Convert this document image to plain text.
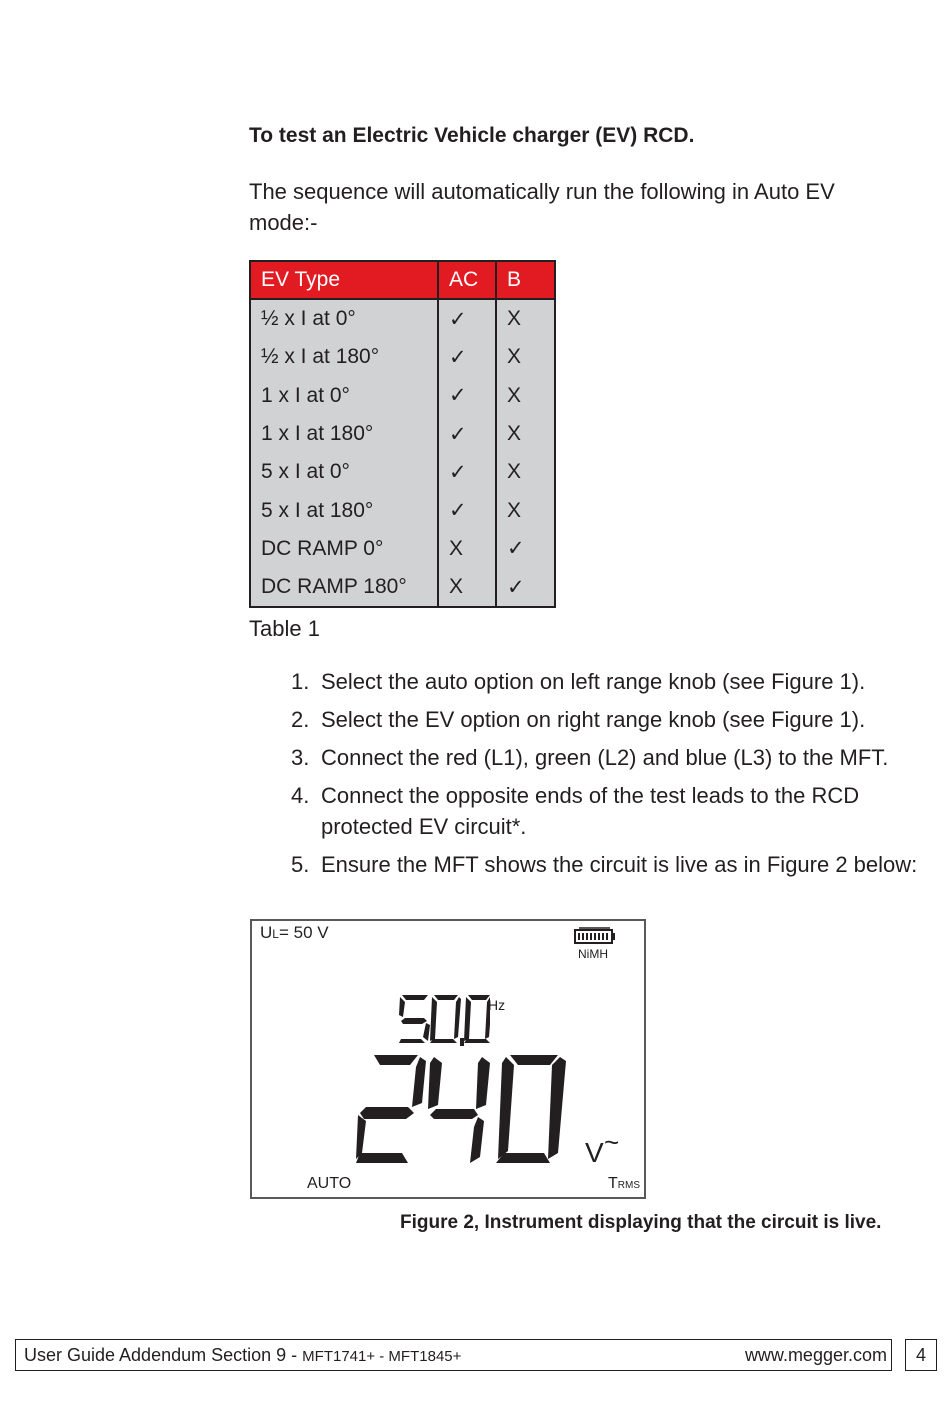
To test an Electric Vehicle charger (EV) RCD.
The sequence will automatically run the following in Auto EV mode:-
EV Type	AC	B
½ x I at 0°	✓	X
½ x I at 180°	✓	X
1 x I at 0°	✓	X
1 x I at 180°	✓	X
5 x I at 0°	✓	X
5 x I at 180°	✓	X
DC RAMP 0°	X	✓
DC RAMP 180°	X	✓
Table 1
1. Select the auto option on left range knob (see Figure 1).
2. Select the EV option on right range knob (see Figure 1).
3. Connect the red (L1), green (L2) and blue (L3) to the MFT.
4. Connect the opposite ends of the test leads to the RCD protected EV circuit*.
5. Ensure the MFT shows the circuit is live as in Figure 2 below:
UL= 50 V
NiMH
Hz
V ~
AUTO	TRMS
Figure 2, Instrument displaying that the circuit is live.
User Guide Addendum Section 9 - MFT1741+ - MFT1845+	www.megger.com	4
